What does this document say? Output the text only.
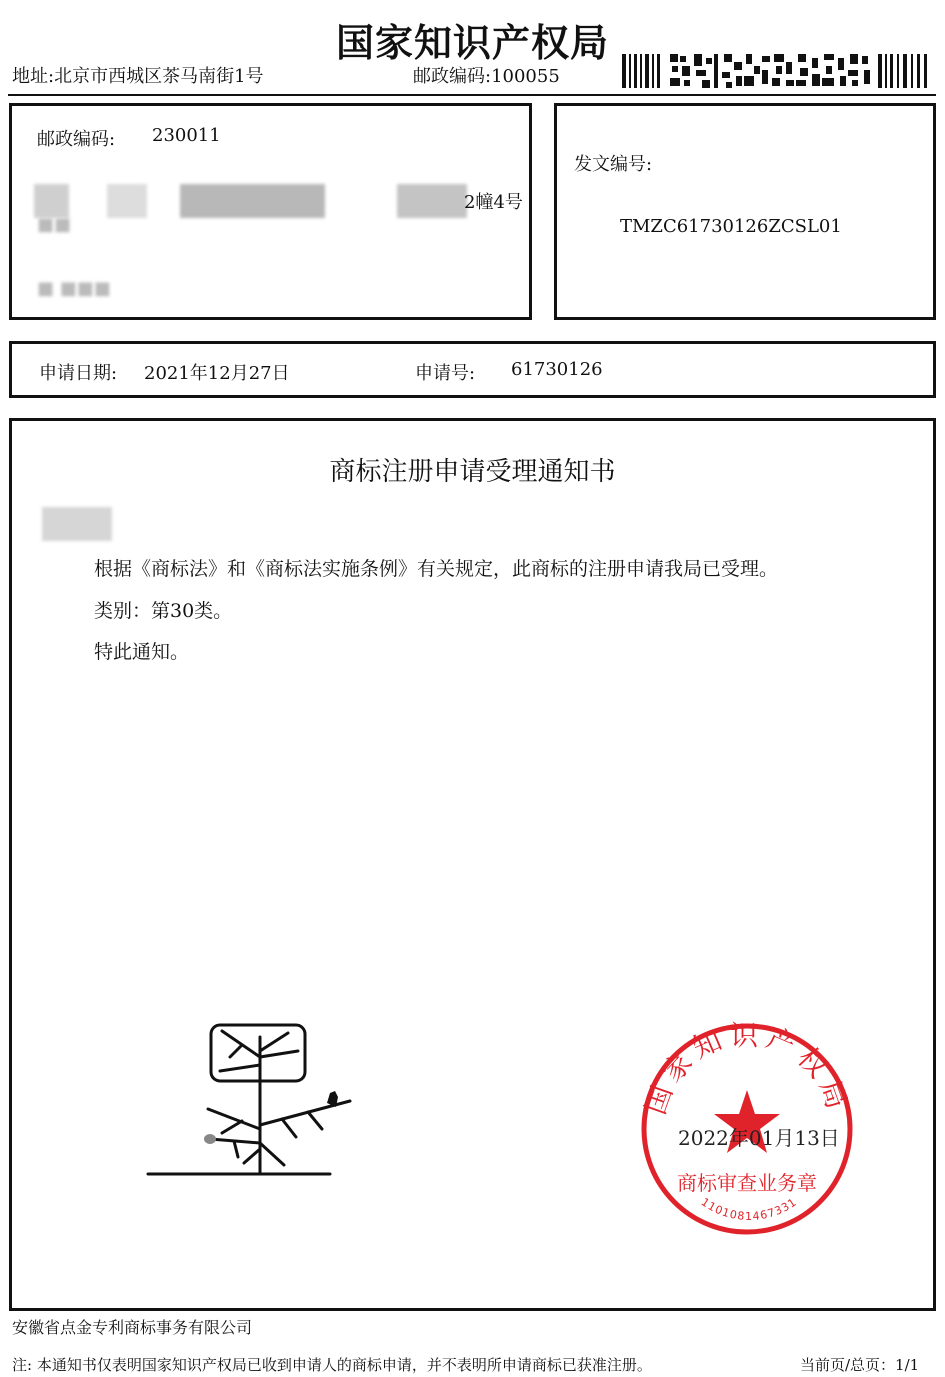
国家知识产权局
地址:北京市西城区茶马南街1号	邮政编码:100055
邮政编码: 230011
2幢4号
■■
■ ■■■
发文编号:
TMZC61730126ZCSL01
申请日期: 2021年12月27日	申请号: 61730126
商标注册申请受理通知书
根据《商标法》和《商标法实施条例》有关规定，此商标的注册申请我局已受理。
类别：第30类。
特此通知。
国家知识产权局
商标审查业务章
1101081467331
2022年01月13日
安徽省点金专利商标事务有限公司
注: 本通知书仅表明国家知识产权局已收到申请人的商标申请，并不表明所申请商标已获准注册。	当前页/总页：1/1
